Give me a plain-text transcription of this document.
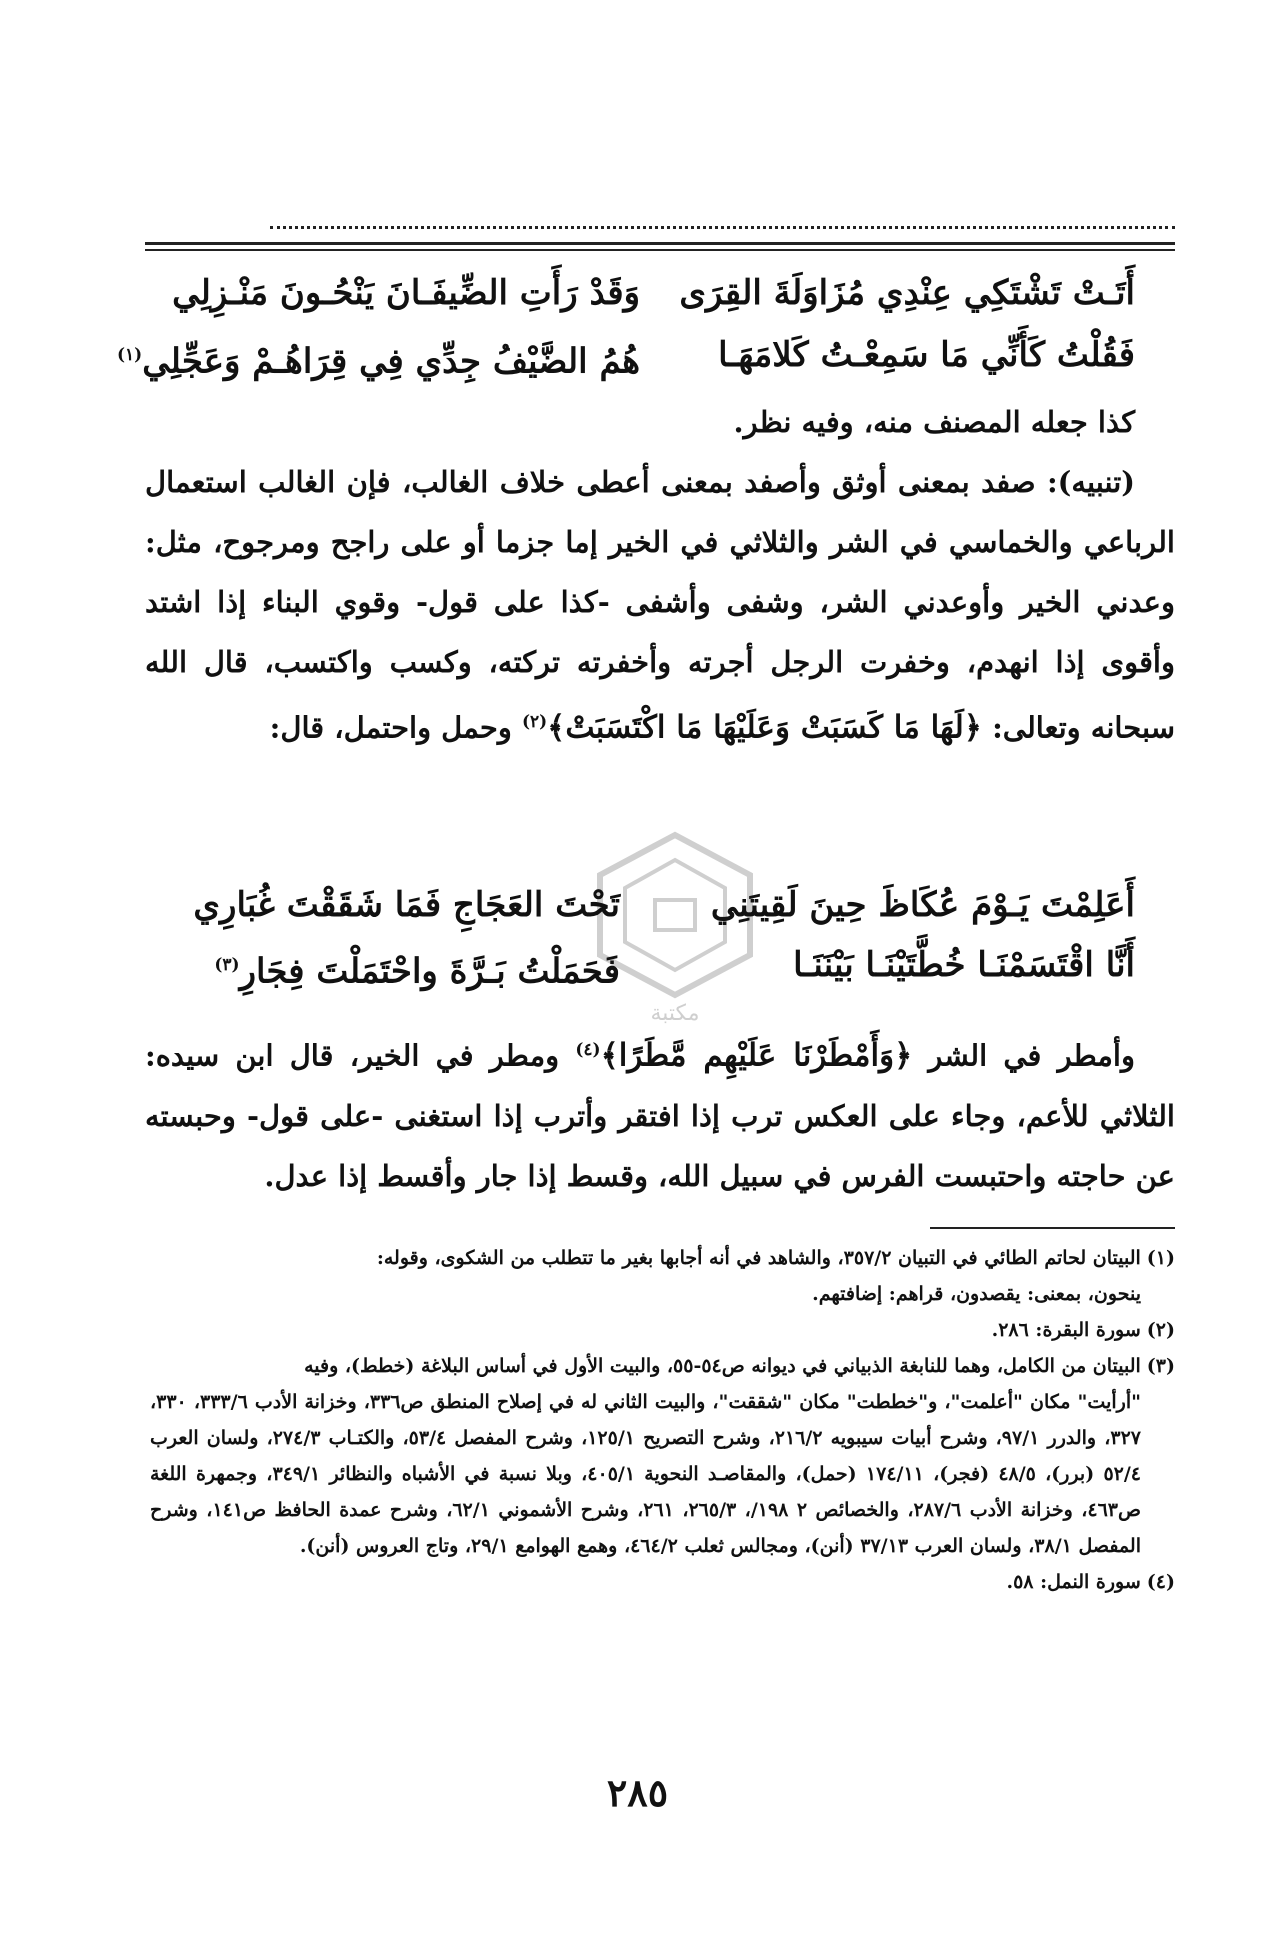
أَتَـتْ تَشْتَكِي عِنْدِي مُزَاوَلَةَ القِرَى
وَقَدْ رَأَتِ الضِّيفَـانَ يَنْحُـونَ مَنْـزِلِي
فَقُلْتُ كَأَنِّي مَا سَمِعْـتُ كَلامَهَـا
هُمُ الضَّيْفُ جِدِّي فِي قِرَاهُـمْ وَعَجِّلِي$^{(١)}$

كذا جعله المصنف منه، وفيه نظر.

(تنبيه): صفد بمعنى أوثق وأصفد بمعنى أعطى خلاف الغالب، فإن الغالب استعمال الرباعي والخماسي في الشر والثلاثي في الخير إما جزما أو على راجح ومرجوح، مثل: وعدني الخير وأوعدني الشر، وشفى وأشفى -كذا على قول- وقوي البناء إذا اشتد وأقوى إذا انهدم، وخفرت الرجل أجرته وأخفرته تركته، وكسب واكتسب، قال الله سبحانه وتعالى: ﴿لَهَا مَا كَسَبَتْ وَعَلَيْهَا مَا اكْتَسَبَتْ﴾$^{(٢)}$ وحمل واحتمل، قال:

مكتبة
أَعَلِمْتَ يَـوْمَ عُكَاظَ حِينَ لَقِيتَنِي
تَحْتَ العَجَاجِ فَمَا شَقَقْتَ غُبَارِي
أَنَّا اقْتَسَمْنَـا خُطَّتَيْنَـا بَيْنَنَـا
فَحَمَلْتُ بَـرَّةَ واحْتَمَلْتَ فِجَارِ$^{(٣)}$

وأمطر في الشر ﴿وَأَمْطَرْنَا عَلَيْهِم مَّطَرًا﴾$^{(٤)}$ ومطر في الخير، قال ابن سيده: الثلاثي للأعم، وجاء على العكس ترب إذا افتقر وأترب إذا استغنى -على قول- وحبسته عن حاجته واحتبست الفرس في سبيل الله، وقسط إذا جار وأقسط إذا عدل.

(١)البيتان لحاتم الطائي في التبيان ٣٥٧/٢، والشاهد في أنه أجابها بغير ما تتطلب من الشكوى، وقوله:

ينحون، بمعنى: يقصدون، قراهم: إضافتهم.

(٢)سورة البقرة: ٢٨٦.

(٣)البيتان من الكامل، وهما للنابغة الذبياني في ديوانه ص٥٤-٥٥، والبيت الأول في أساس البلاغة (خطط)، وفيه

"أرأيت" مكان "أعلمت"، و"خططت" مكان "شققت"، والبيت الثاني له في إصلاح المنطق ص٣٣٦، وخزانة الأدب ٣٣٣/٦، ٣٣٠، ٣٢٧، والدرر ٩٧/١، وشرح أبيات سيبويه ٢١٦/٢، وشرح التصريح ١٢٥/١، وشرح المفصل ٥٣/٤، والكتـاب ٢٧٤/٣، ولسان العرب ٥٢/٤ (برر)، ٤٨/٥ (فجر)، ١٧٤/١١ (حمل)، والمقاصـد النحوية ٤٠٥/١، وبلا نسبة في الأشباه والنظائر ٣٤٩/١، وجمهرة اللغة ص٤٦٣، وخزانة الأدب ٢٨٧/٦، والخصائص ٢ ١٩٨/، ٢٦٥/٣، ٢٦١، وشرح الأشموني ٦٢/١، وشرح عمدة الحافظ ص١٤١، وشرح المفصل ٣٨/١، ولسان العرب ٣٧/١٣ (أنن)، ومجالس ثعلب ٤٦٤/٢، وهمع الهوامع ٢٩/١، وتاج العروس (أنن).

(٤)سورة النمل: ٥٨.

٢٨٥
